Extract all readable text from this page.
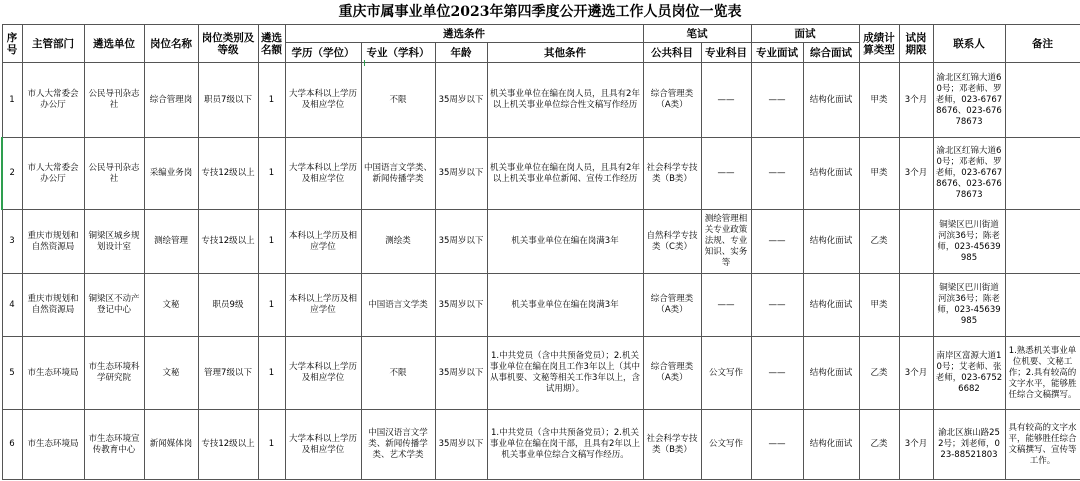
重庆市属事业单位2023年第四季度公开遴选工作人员岗位一览表
序号	主管部门	遴选单位	岗位名称	岗位类别及等级	遴选名额	遴选条件				笔试		面试		成绩计算类型	试岗期限	联系人	备注
						学历（学位）	专业（学科）	年龄	其他条件	公共科目	专业科目	专业面试	综合面试				
1	市人大常委会办公厅	公民导刊杂志社	综合管理岗	职员7级以下	1	大学本科以上学历及相应学位	不限	35周岁以下	机关事业单位在编在岗人员，且具有2年以上机关事业单位综合性文稿写作经历	综合管理类（A类）	——	——	结构化面试	甲类	3个月	渝北区红锦大道60号；邓老师、罗老师，023-67678676、023-67678673	
2	市人大常委会办公厅	公民导刊杂志社	采编业务岗	专技12级以上	1	大学本科以上学历及相应学位	中国语言文学类、新闻传播学类	35周岁以下	机关事业单位在编在岗人员，且具有2年以上机关事业单位新闻、宣传工作经历	社会科学专技类（B类）	——	——	结构化面试	甲类	3个月	渝北区红锦大道60号；邓老师、罗老师，023-67678676、023-67678673	
3	重庆市规划和自然资源局	铜梁区城乡规划设计室	测绘管理	专技12级以上	1	本科以上学历及相应学位	测绘类	35周岁以下	机关事业单位在编在岗满3年	自然科学专技类（C类）	测绘管理相关专业政策法规、专业知识、实务等	——	结构化面试	乙类		铜梁区巴川街道河滨36号；陈老师，023-45639985	
4	重庆市规划和自然资源局	铜梁区不动产登记中心	文秘	职员9级	1	本科以上学历及相应学位	中国语言文学类	35周岁以下	机关事业单位在编在岗满3年	综合管理类（A类）	——	——	结构化面试	甲类		铜梁区巴川街道河滨36号；陈老师，023-45639985	
5	市生态环境局	市生态环境科学研究院	文秘	管理7级以下	1	大学本科以上学历及相应学位	不限	35周岁以下	1.中共党员（含中共预备党员）；2.机关事业单位在编在岗且工作3年以上（其中从事机要、文秘等相关工作3年以上，含试用期）。	综合管理类（A类）	公文写作	——	结构化面试	乙类	3个月	南岸区富源大道10号；艾老师、张老师，023-67526682	1.熟悉机关事业单位机要、文秘工作；2.具有较高的文字水平，能够胜任综合文稿撰写。
6	市生态环境局	市生态环境宣传教育中心	新闻媒体岗	专技12级以上	1	大学本科以上学历及相应学位	中国汉语言文学类、新闻传播学类、艺术学类	35周岁以下	1.中共党员（含中共预备党员）；2.机关事业单位在编在岗干部，且具有2年以上机关事业单位综合文稿写作经历。	社会科学专技类（B类）	公文写作	——	结构化面试	乙类	3个月	渝北区旗山路252号；刘老师，023-88521803	具有较高的文字水平，能够胜任综合文稿撰写、宣传等工作。
